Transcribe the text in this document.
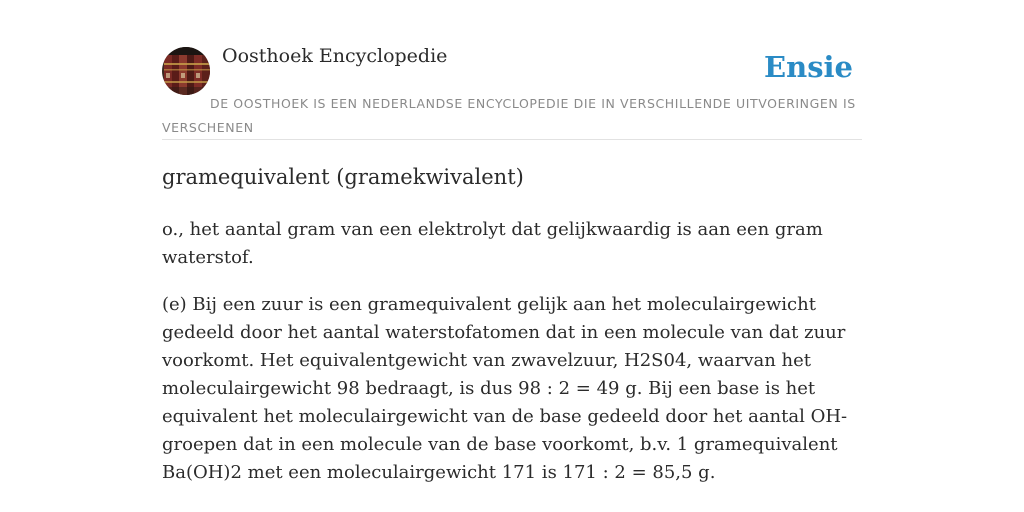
Oosthoek Encyclopedie	Ensie
DE OOSTHOEK IS EEN NEDERLANDSE ENCYCLOPEDIE DIE IN VERSCHILLENDE UITVOERINGEN IS VERSCHENEN
gramequivalent (gramekwivalent)

o., het aantal gram van een elektrolyt dat gelijkwaardig is aan een gram waterstof.

(e) Bij een zuur is een gramequivalent gelijk aan het moleculairgewicht gedeeld door het aantal waterstofatomen dat in een molecule van dat zuur voorkomt. Het equivalentgewicht van zwavelzuur, H2S04, waarvan het moleculairgewicht 98 bedraagt, is dus 98 : 2 = 49 g. Bij een base is het equivalent het moleculairgewicht van de base gedeeld door het aantal OH-groepen dat in een molecule van de base voorkomt, b.v. 1 gramequivalent Ba(OH)2 met een moleculairgewicht 171 is 171 : 2 = 85,5 g.
